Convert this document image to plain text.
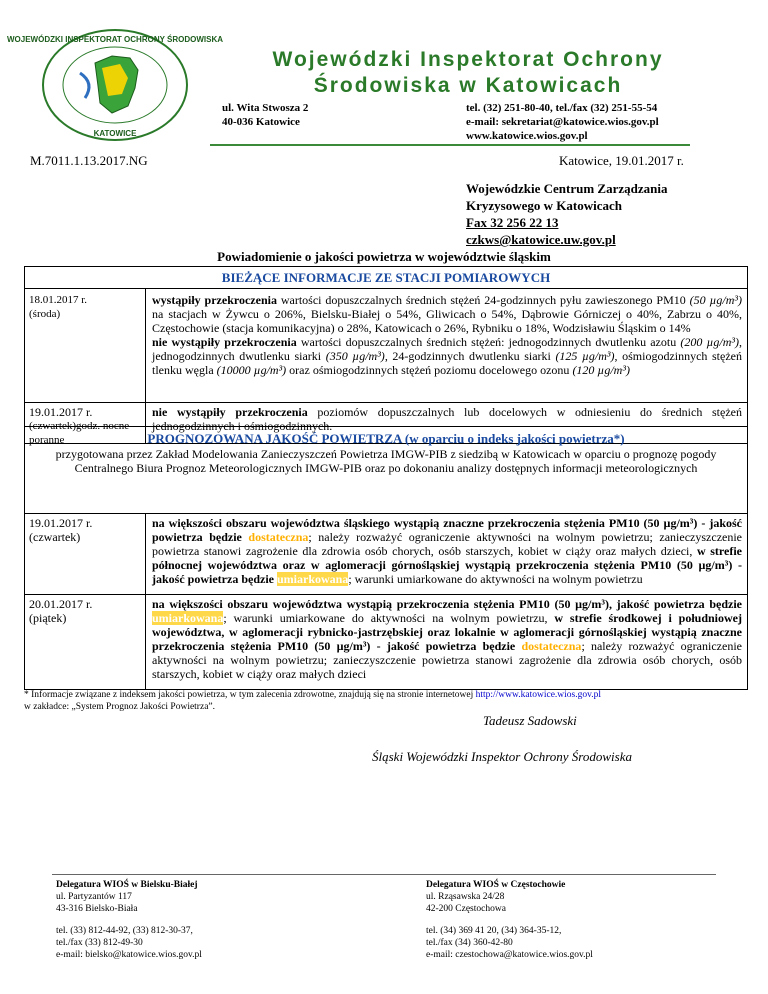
WOJEWÓDZKI INSPEKTORAT OCHRONY ŚRODOWISKA
KATOWICE
Wojewódzki Inspektorat Ochrony
Środowiska w Katowicach
ul. Wita Stwosza 2
40-036 Katowice
tel. (32) 251-80-40, tel./fax (32) 251-55-54
e-mail: sekretariat@katowice.wios.gov.pl
www.katowice.wios.gov.pl
M.7011.1.13.2017.NG	Katowice, 19.01.2017 r.
Wojewódzkie Centrum Zarządzania
Kryzysowego w Katowicach
Fax 32 256 22 13
czkws@katowice.uw.gov.pl
Powiadomienie o jakości powietrza w województwie śląskim
BIEŻĄCE INFORMACJE ZE STACJI POMIAROWYCH
18.01.2017 r.
(środa)
wystąpiły przekroczenia wartości dopuszczalnych średnich stężeń 24-godzinnych pyłu zawieszonego PM10 (50 µg/m³) na stacjach w Żywcu o 206%, Bielsku-Białej o 54%, Gliwicach o 54%, Dąbrowie Górniczej o 40%, Zabrzu o 40%, Częstochowie (stacja komunikacyjna) o 28%, Katowicach o 26%, Rybniku o 18%, Wodzisławiu Śląskim o 14%
nie wystąpiły przekroczenia wartości dopuszczalnych średnich stężeń: jednogodzinnych dwutlenku azotu (200 µg/m³), jednogodzinnych dwutlenku siarki (350 µg/m³), 24-godzinnych dwutlenku siarki (125 µg/m³), ośmiogodzinnych stężeń tlenku węgla (10000 µg/m³) oraz ośmiogodzinnych stężeń poziomu docelowego ozonu (120 µg/m³)
19.01.2017 r.
(czwartek)godz. nocne poranne
nie wystąpiły przekroczenia poziomów dopuszczalnych lub docelowych w odniesieniu do średnich stężeń jednogodzinnych i ośmiogodzinnych.
PROGNOZOWANA JAKOŚĆ POWIETRZA (w oparciu o indeks jakości powietrza*)
przygotowana przez Zakład Modelowania Zanieczyszczeń Powietrza IMGW-PIB z siedzibą w Katowicach w oparciu o prognozę pogody Centralnego Biura Prognoz Meteorologicznych IMGW-PIB oraz po dokonaniu analizy dostępnych informacji meteorologicznych
19.01.2017 r.
(czwartek)
na większości obszaru województwa śląskiego wystąpią znaczne przekroczenia stężenia PM10 (50 µg/m³) - jakość powietrza będzie dostateczna; należy rozważyć ograniczenie aktywności na wolnym powietrzu; zanieczyszczenie powietrza stanowi zagrożenie dla zdrowia osób chorych, osób starszych, kobiet w ciąży oraz małych dzieci, w strefie północnej województwa oraz w aglomeracji górnośląskiej wystąpią przekroczenia stężenia PM10 (50 µg/m³) - jakość powietrza będzie umiarkowana; warunki umiarkowane do aktywności na wolnym powietrzu
20.01.2017 r.
(piątek)
na większości obszaru województwa wystąpią przekroczenia stężenia PM10 (50 µg/m³), jakość powietrza będzie umiarkowana; warunki umiarkowane do aktywności na wolnym powietrzu, w strefie środkowej i południowej województwa, w aglomeracji rybnicko-jastrzębskiej oraz lokalnie w aglomeracji górnośląskiej wystąpią znaczne przekroczenia stężenia PM10 (50 µg/m³) - jakość powietrza będzie dostateczna; należy rozważyć ograniczenie aktywności na wolnym powietrzu; zanieczyszczenie powietrza stanowi zagrożenie dla zdrowia osób chorych, osób starszych, kobiet w ciąży oraz małych dzieci
* Informacje związane z indeksem jakości powietrza, w tym zalecenia zdrowotne, znajdują się na stronie internetowej http://www.katowice.wios.gov.pl
w zakładce: „System Prognoz Jakości Powietrza”.
Tadeusz Sadowski
Śląski Wojewódzki Inspektor Ochrony Środowiska
Delegatura WIOŚ w Bielsku-Białej
ul. Partyzantów 117
43-316 Bielsko-Biała
tel. (33) 812-44-92, (33) 812-30-37,
tel./fax (33) 812-49-30
e-mail: bielsko@katowice.wios.gov.pl
Delegatura WIOŚ w Częstochowie
ul. Rząsawska 24/28
42-200 Częstochowa
tel. (34) 369 41 20, (34) 364-35-12,
tel./fax (34) 360-42-80
e-mail: czestochowa@katowice.wios.gov.pl
